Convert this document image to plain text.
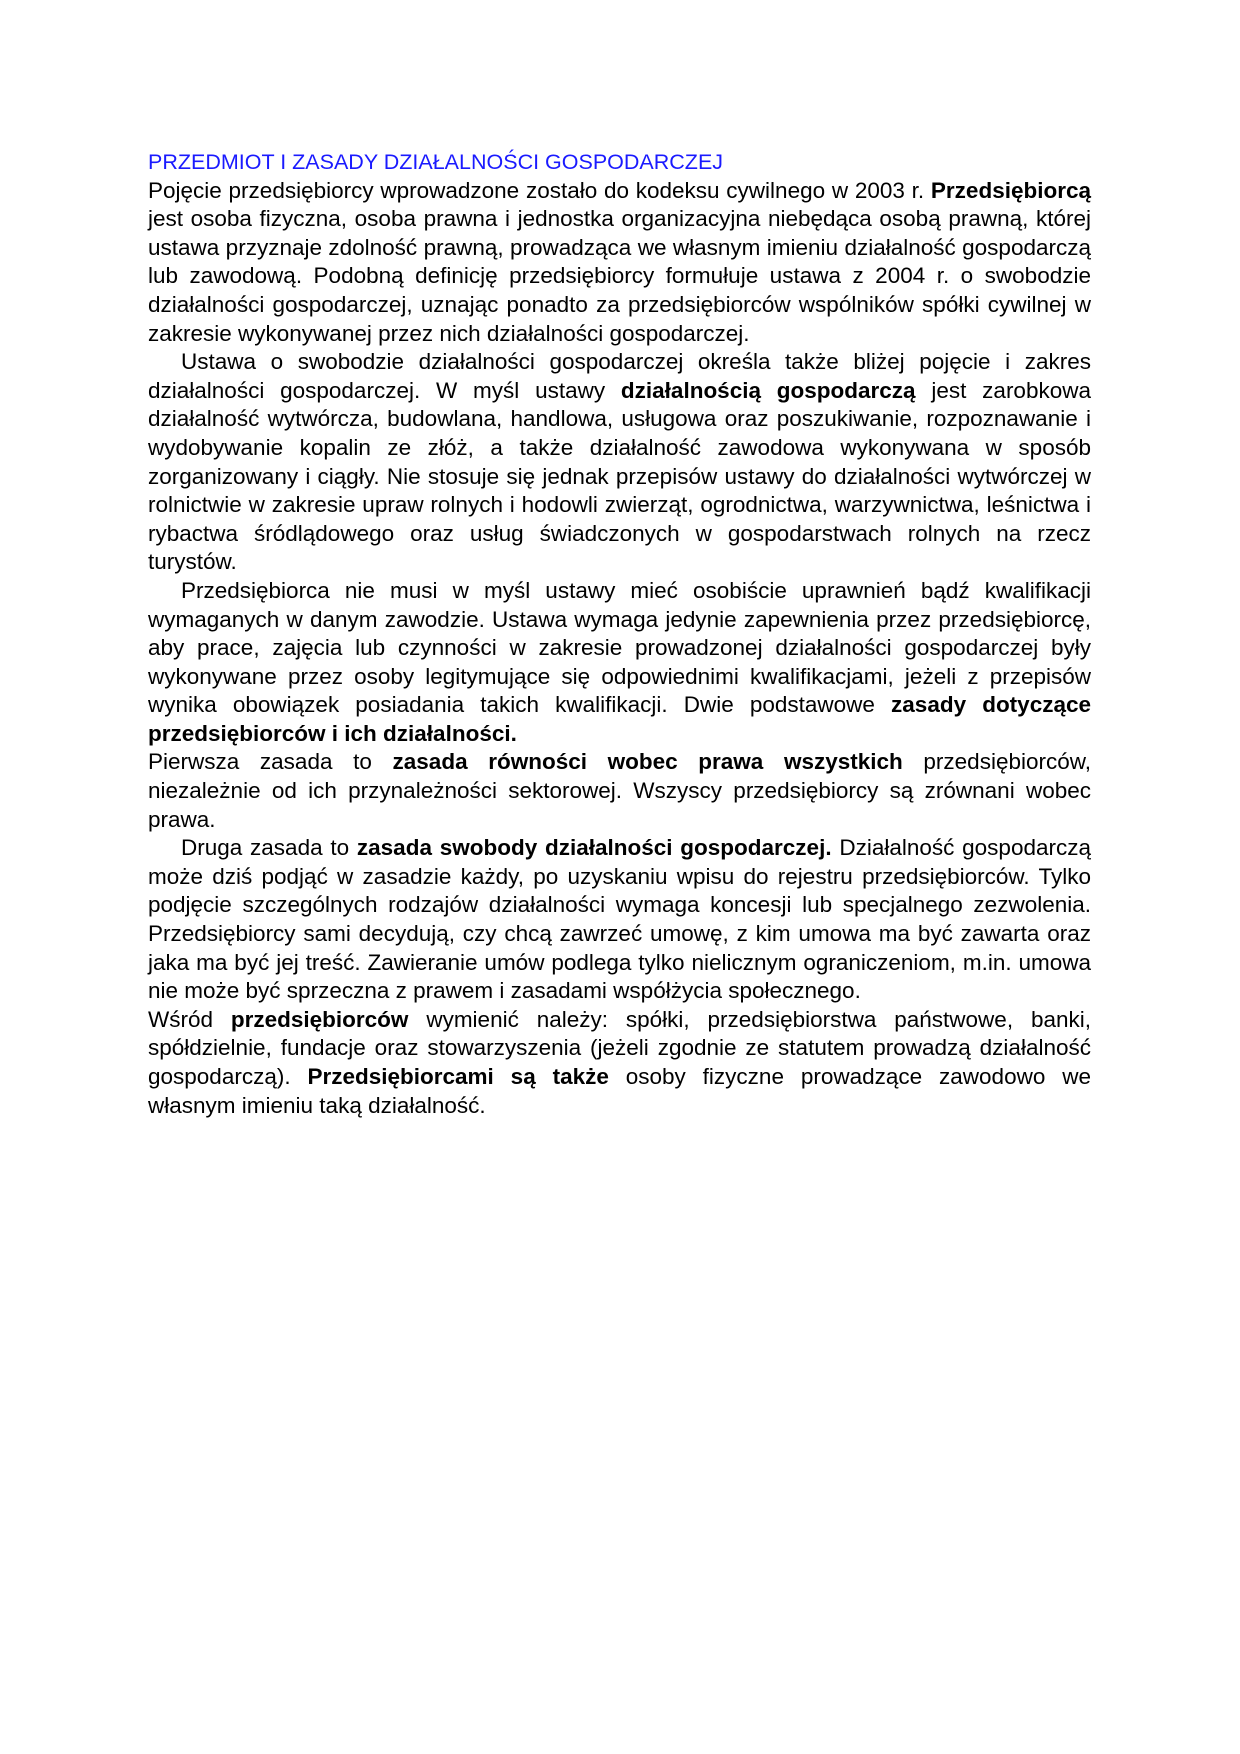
PRZEDMIOT I ZASADY DZIAŁALNOŚCI GOSPODARCZEJ

Pojęcie przedsiębiorcy wprowadzone zostało do kodeksu cywilnego w 2003 r. Przedsiębiorcą jest osoba fizyczna, osoba prawna i jednostka organizacyjna niebędąca osobą prawną, której ustawa przyznaje zdolność prawną, prowadząca we własnym imieniu działalność gospodarczą lub zawodową. Podobną definicję przedsiębiorcy formułuje ustawa z 2004 r. o swobodzie działalności gospodarczej, uznając ponadto za przedsiębiorców wspólników spółki cywilnej w zakresie wykonywanej przez nich działalności gospodarczej.

Ustawa o swobodzie działalności gospodarczej określa także bliżej pojęcie i zakres działalności gospodarczej. W myśl ustawy działalnością gospodarczą jest zarobkowa działalność wytwórcza, budowlana, handlowa, usługowa oraz poszukiwanie, rozpoznawanie i wydobywanie kopalin ze złóż, a także działalność zawodowa wykonywana w sposób zorganizowany i ciągły. Nie stosuje się jednak przepisów ustawy do działalności wytwórczej w rolnictwie w zakresie upraw rolnych i hodowli zwierząt, ogrodnictwa, warzywnictwa, leśnictwa i rybactwa śródlądowego oraz usług świadczonych w gospodarstwach rolnych na rzecz turystów.

Przedsiębiorca nie musi w myśl ustawy mieć osobiście uprawnień bądź kwalifikacji wymaganych w danym zawodzie. Ustawa wymaga jedynie zapewnienia przez przedsiębiorcę, aby prace, zajęcia lub czynności w zakresie prowadzonej działalności gospodarczej były wykonywane przez osoby legitymujące się odpowiednimi kwalifikacjami, jeżeli z przepisów wynika obowiązek posiadania takich kwalifikacji. Dwie podstawowe zasady dotyczące przedsiębiorców i ich działalności.

Pierwsza zasada to zasada równości wobec prawa wszystkich przedsiębiorców, niezależnie od ich przynależności sektorowej. Wszyscy przedsiębiorcy są zrównani wobec prawa.

Druga zasada to zasada swobody działalności gospodarczej. Działalność gospodarczą może dziś podjąć w zasadzie każdy, po uzyskaniu wpisu do rejestru przedsiębiorców. Tylko podjęcie szczególnych rodzajów działalności wymaga koncesji lub specjalnego zezwolenia. Przedsiębiorcy sami decydują, czy chcą zawrzeć umowę, z kim umowa ma być zawarta oraz jaka ma być jej treść. Zawieranie umów podlega tylko nielicznym ograniczeniom, m.in. umowa nie może być sprzeczna z prawem i zasadami współżycia społecznego.

Wśród przedsiębiorców wymienić należy: spółki, przedsiębiorstwa państwowe, banki, spółdzielnie, fundacje oraz stowarzyszenia (jeżeli zgodnie ze statutem prowadzą działalność gospodarczą). Przedsiębiorcami są także osoby fizyczne prowadzące zawodowo we własnym imieniu taką działalność.
